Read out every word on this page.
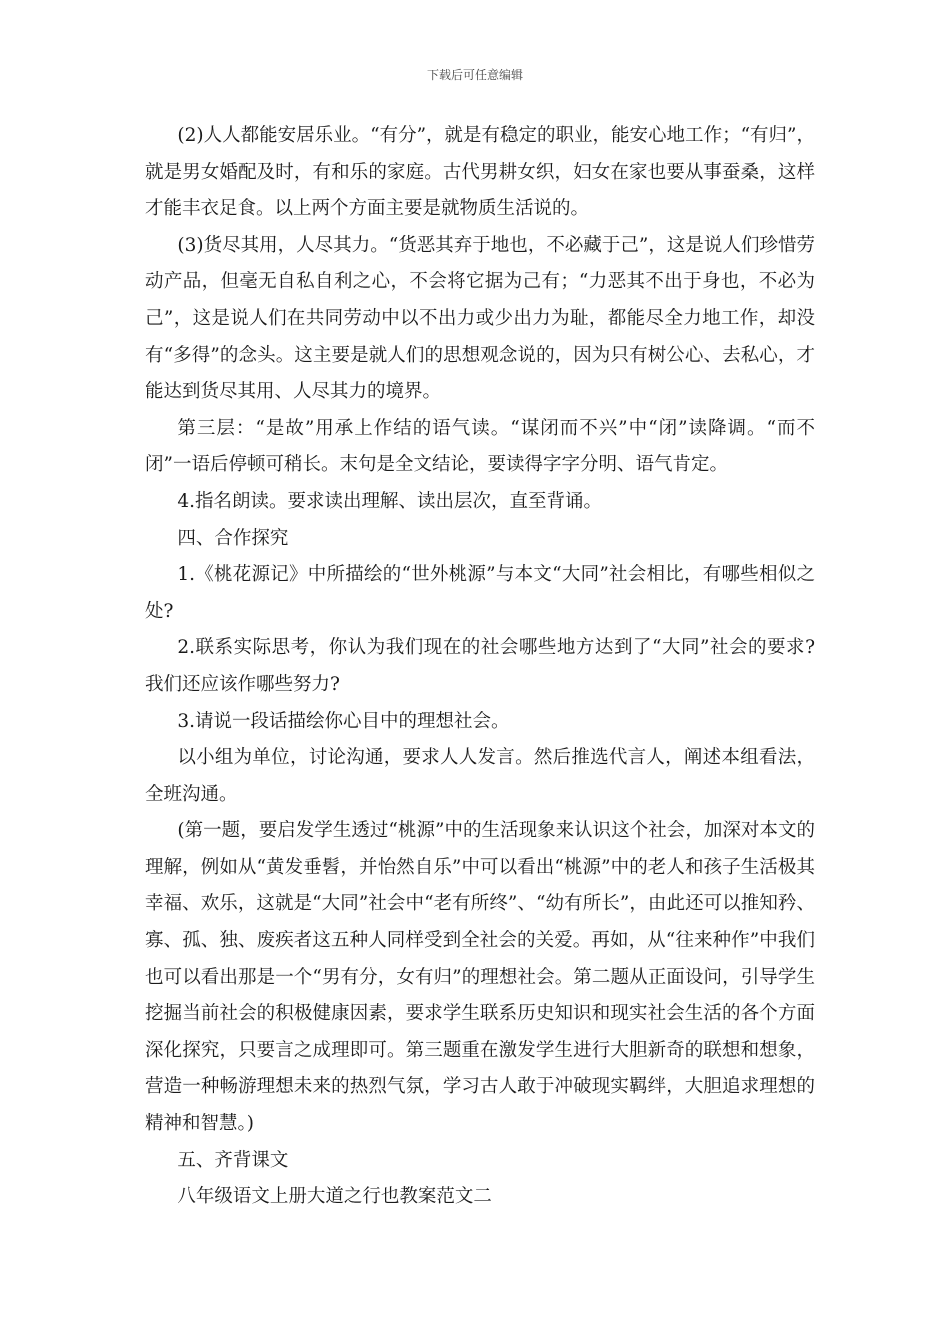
下载后可任意编辑

(2)人人都能安居乐业。“有分”，就是有稳定的职业，能安心地工作；“有归”，就是男女婚配及时，有和乐的家庭。古代男耕女织，妇女在家也要从事蚕桑，这样才能丰衣足食。以上两个方面主要是就物质生活说的。

(3)货尽其用，人尽其力。“货恶其弃于地也，不必藏于己”，这是说人们珍惜劳动产品，但毫无自私自利之心，不会将它据为己有；“力恶其不出于身也，不必为己”，这是说人们在共同劳动中以不出力或少出力为耻，都能尽全力地工作，却没有“多得”的念头。这主要是就人们的思想观念说的，因为只有树公心、去私心，才能达到货尽其用、人尽其力的境界。

第三层：“是故”用承上作结的语气读。“谋闭而不兴”中“闭”读降调。“而不闭”一语后停顿可稍长。末句是全文结论，要读得字字分明、语气肯定。

4.指名朗读。要求读出理解、读出层次，直至背诵。

四、合作探究

1.《桃花源记》中所描绘的“世外桃源”与本文“大同”社会相比，有哪些相似之处?

2.联系实际思考，你认为我们现在的社会哪些地方达到了“大同”社会的要求?我们还应该作哪些努力?

3.请说一段话描绘你心目中的理想社会。

以小组为单位，讨论沟通，要求人人发言。然后推选代言人，阐述本组看法，全班沟通。

(第一题，要启发学生透过“桃源”中的生活现象来认识这个社会，加深对本文的理解，例如从“黄发垂髫，并怡然自乐”中可以看出“桃源”中的老人和孩子生活极其幸福、欢乐，这就是“大同”社会中“老有所终”、“幼有所长”，由此还可以推知矜、寡、孤、独、废疾者这五种人同样受到全社会的关爱。再如，从“往来种作”中我们也可以看出那是一个“男有分，女有归”的理想社会。第二题从正面设问，引导学生挖掘当前社会的积极健康因素，要求学生联系历史知识和现实社会生活的各个方面深化探究，只要言之成理即可。第三题重在激发学生进行大胆新奇的联想和想象，营造一种畅游理想未来的热烈气氛，学习古人敢于冲破现实羁绊，大胆追求理想的精神和智慧。)

五、齐背课文

八年级语文上册大道之行也教案范文二
